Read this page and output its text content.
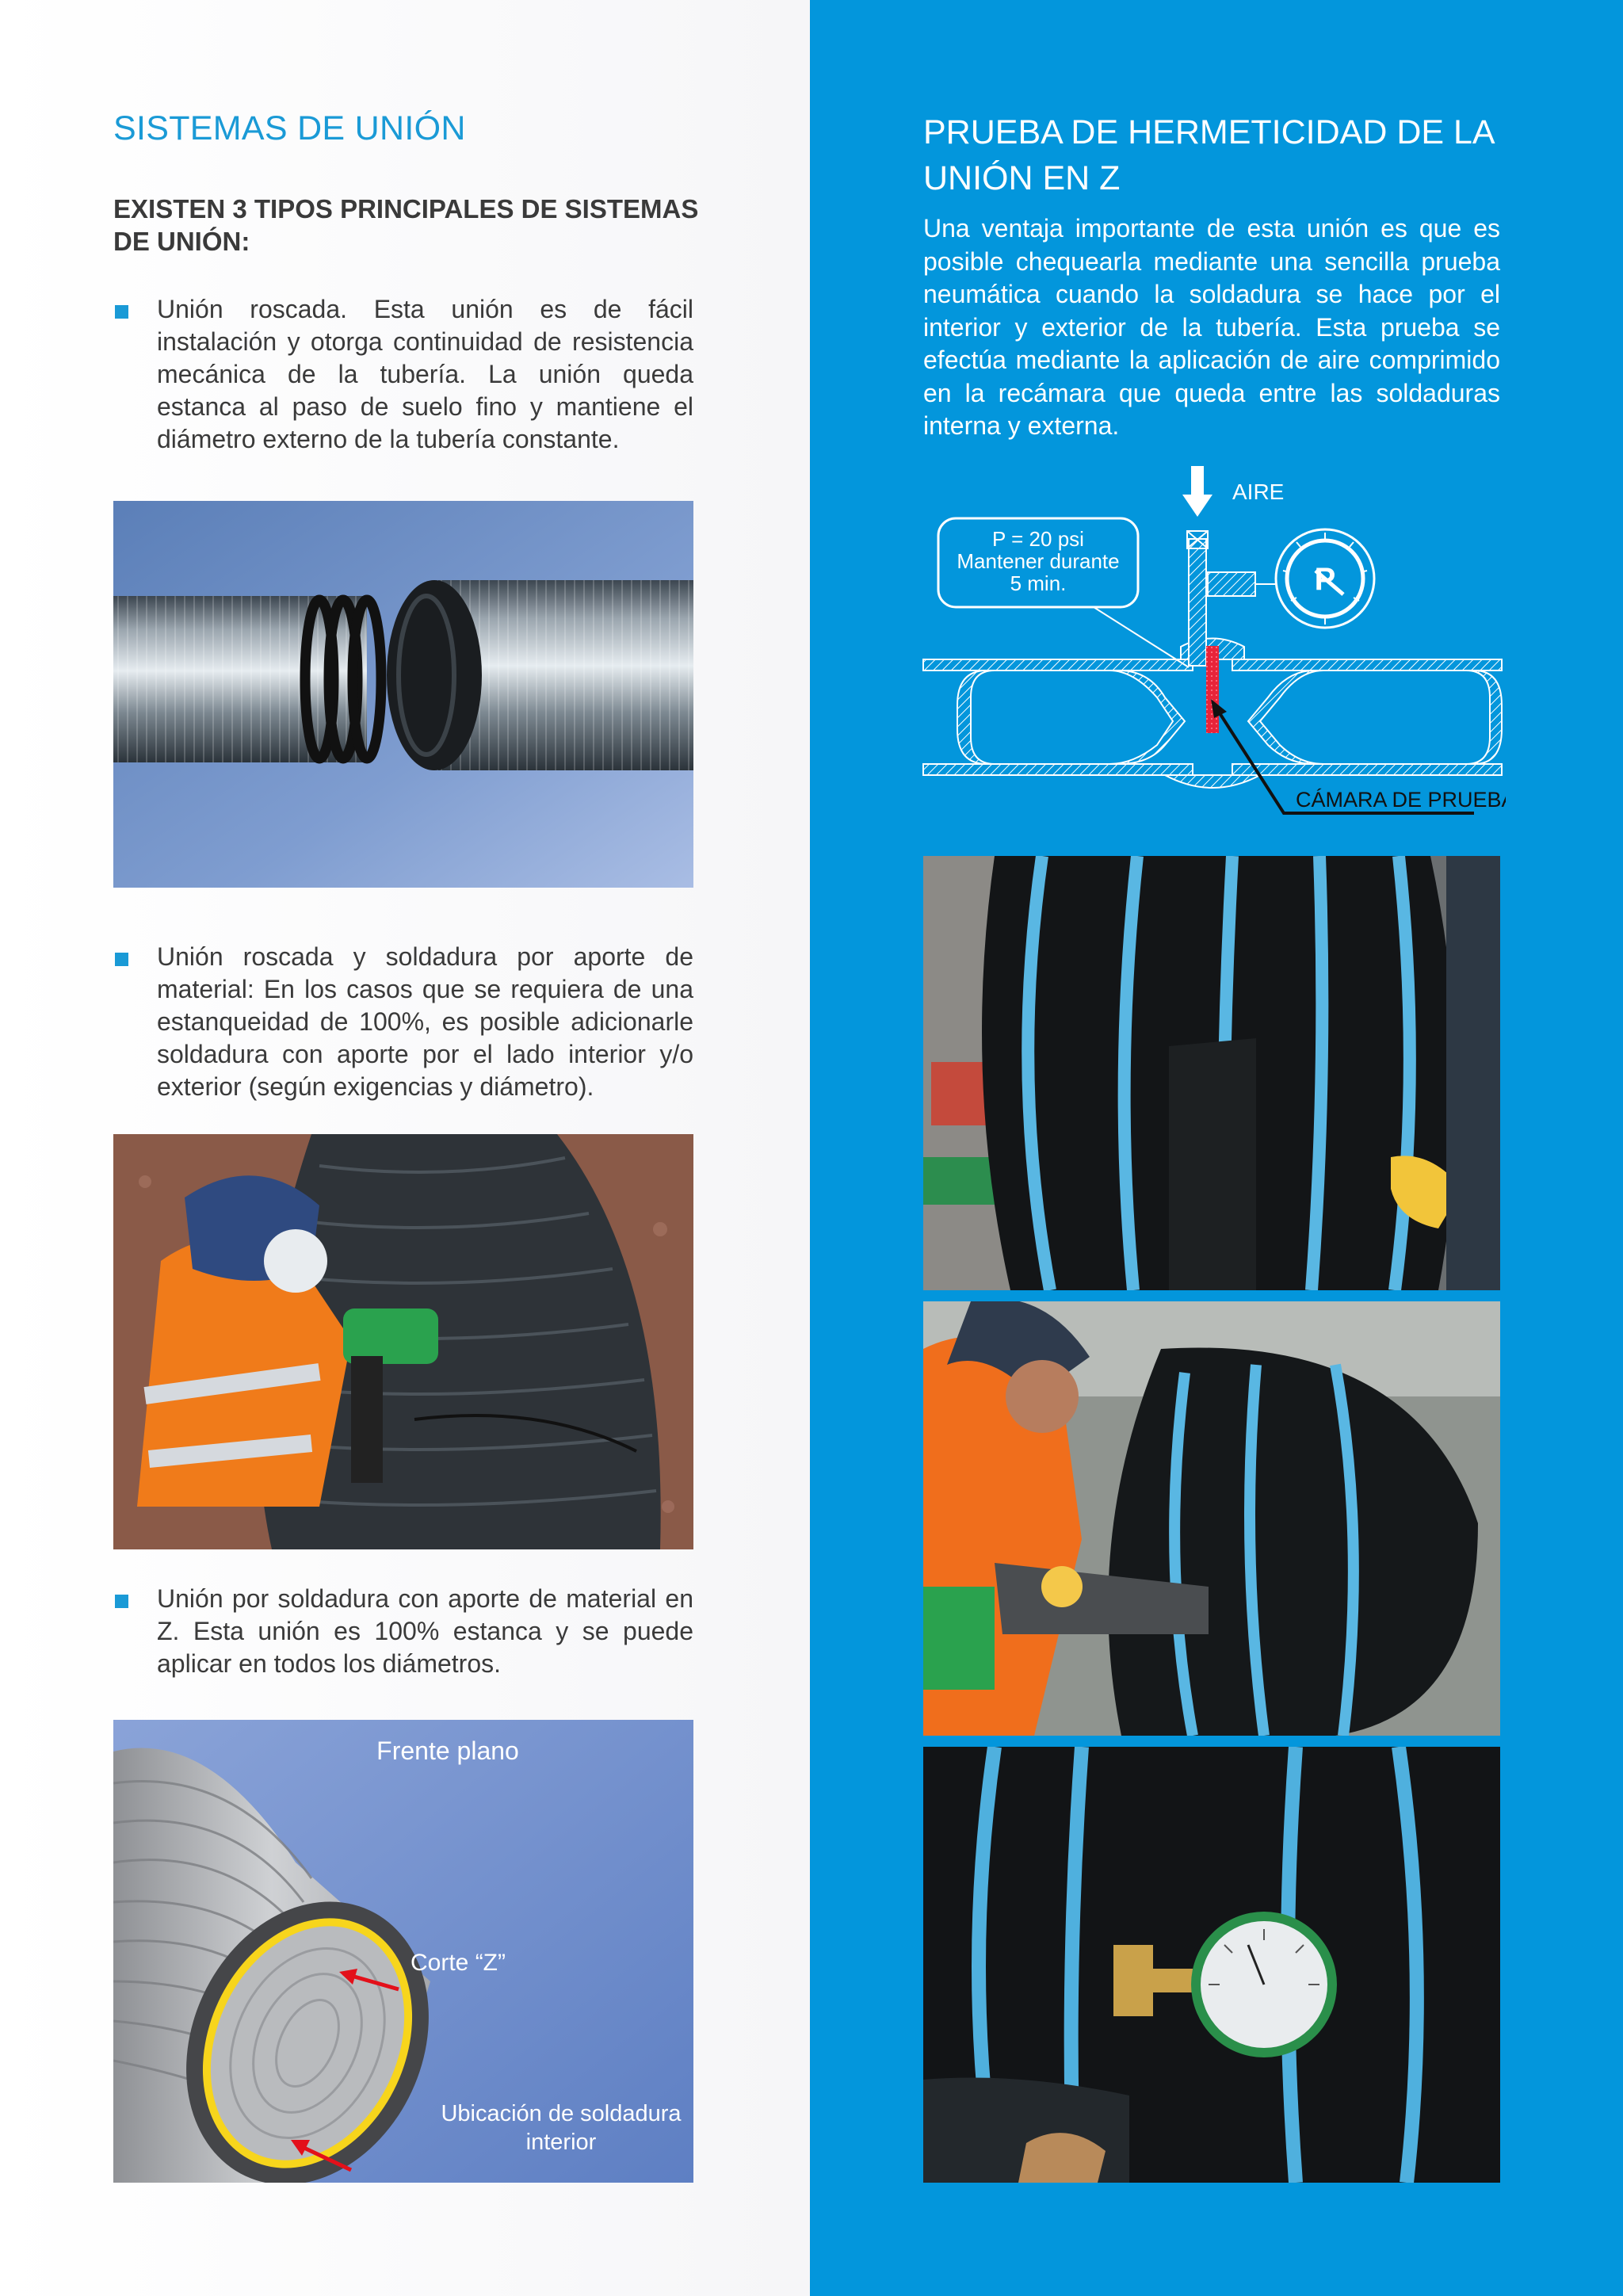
SISTEMAS DE UNIÓN
EXISTEN 3 TIPOS PRINCIPALES DE SISTEMAS DE UNIÓN:

Unión roscada. Esta unión es de fácil instalación y otorga continuidad de resistencia mecánica de la tubería. La unión queda estanca al paso de suelo fino y mantiene el diámetro externo de la tubería constante.

Unión roscada y soldadura por aporte de material: En los casos que se requiera de una estanqueidad de 100%, es posible adicionarle soldadura con aporte por el lado interior y/o exterior (según exigencias y diámetro).

Unión por soldadura con aporte de material en Z. Esta unión es 100% estanca y se puede aplicar en todos los diámetros.

Frente plano
Corte “Z”
Ubicación de soldadura
interior
PRUEBA DE HERMETICIDAD DE LA UNIÓN EN Z

Una ventaja importante de esta unión es que es posible chequearla mediante una sencilla prueba neumática cuando la soldadura se hace por el interior y exterior de la tubería. Esta prueba se efectúa mediante la aplicación de aire comprimido en la recámara que queda entre las soldaduras interna y externa.

P
AIRE
P = 20 psi
Mantener durante
5 min.
CÁMARA DE PRUEBA
